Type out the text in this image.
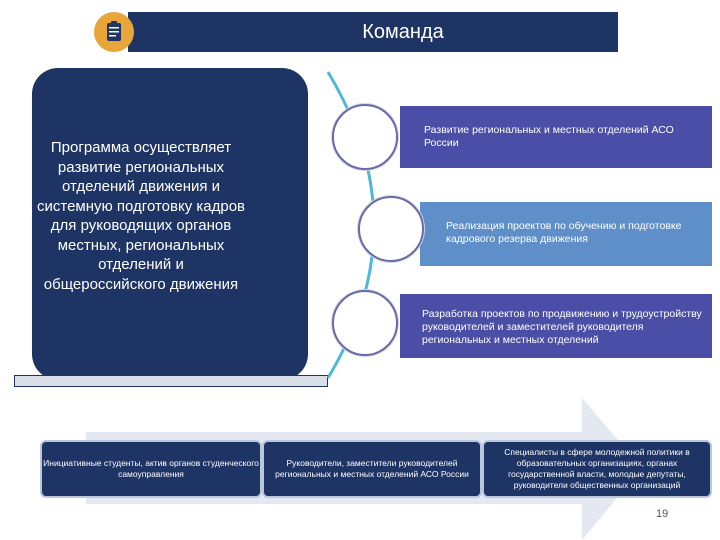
Команда
Программа осуществляет развитие региональных отделений движения и системную подготовку кадров для руководящих органов местных, региональных отделений и общероссийского движения
Развитие региональных и местных отделений АСО России
Реализация проектов по обучению и подготовке кадрового резерва движения
Разработка проектов по продвижению и трудоустройству руководителей и заместителей руководителя региональных и местных отделений
Инициативные студенты, актив органов студенческого самоуправления
Руководители, заместители руководителей региональных и местных отделений АСО России
Специалисты в сфере молодежной политики в образовательных организациях, органах государственной власти, молодые депутаты, руководители общественных организаций
19
